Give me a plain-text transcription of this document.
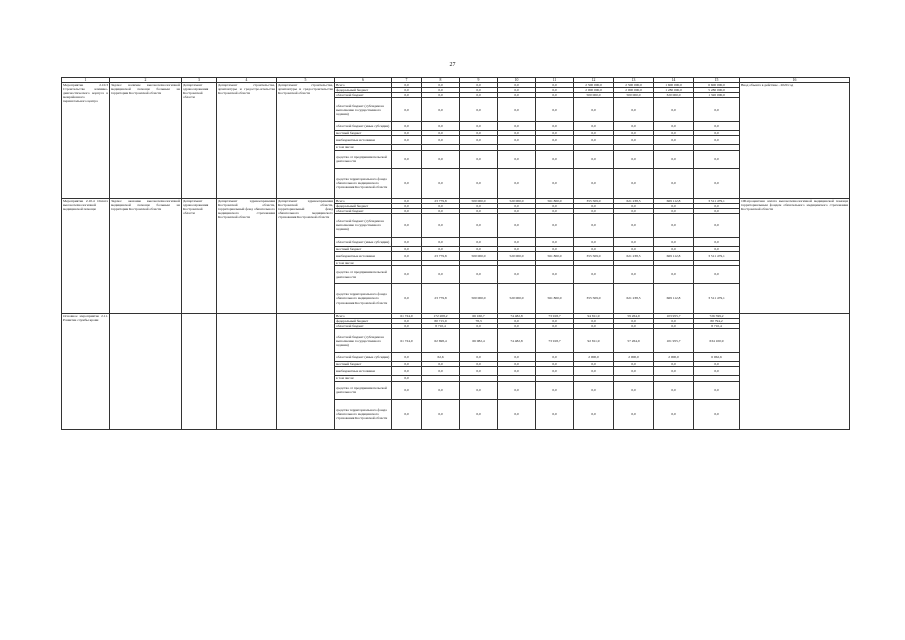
27
1	2	3	4	5	6	7	8	9	10	11	12	13	14	15	16
Мероприятие 2.10.3 Строительство клинико-диагностического корпуса в межрайонного перинатального центра	Задача: наличие высокотехнологичной медицинской помощи больным на территории Костромской области	Департамент здравоохранения Костромской области	Департамент строительства, архитектуры и градостро-ительства Костромской области	Департамент строительства, архитектуры и градостроительства Костромской области	Всего	0,0	0,0	0,0	0,0	0,0	2 500 000,0	2 500 000,0	1 600 000,0	6 600 000,0	Ввод объекта в действие - 2020 год
					федеральный бюджет	0,0	0,0	0,0	0,0	0,0	2 000 000,0	2 000 000,0	1 280 000,0	5 280 000,0	
					областной бюджет	0,0	0,0	0,0	0,0	0,0	500 000,0	500 000,0	320 000,0	1 320 000,0	
					областной бюджет (субсидии на выполнение государственного задания)	0,0	0,0	0,0	0,0	0,0	0,0	0,0	0,0	0,0	
					областной бюджет (иные субсидии)	0,0	0,0	0,0	0,0	0,0	0,0	0,0	0,0	0,0	
					местный бюджет	0,0	0,0	0,0	0,0	0,0	0,0	0,0	0,0	0,0	
					внебюджетные источники	0,0	0,0	0,0	0,0	0,0	0,0	0,0	0,0	0,0	
					в том числе:										
					средства от предпринимательской деятельности	0,0	0,0	0,0	0,0	0,0	0,0	0,0	0,0	0,0	
					средства территориального фонда обязательного медицинского страхования Костромской области	0,0	0,0	0,0	0,0	0,0	0,0	0,0	0,0	0,0	
Мероприятие 2.10.4 Оплата высокотехнологичной медицинской помощи	Задача: оказание высокотехнологичной медицинской помощи больным на территории Костромской области	Департамент здравоохранения Костромской области	Департамент здравоохранения Костромской области, территориальный фонд обязательного медицинского страхования Костромской области	Департамент здравоохранения Костромской области, территориальный фонд обязательного медицинского страхования Костромской области	Всего	0,0	23 779,8	500 000,0	520 000,0	561 800,0	355 509,0	621 238,5	669 112,8	3 511 479,1	100-процентная оплата высокотехнологичной медицинской помощи территориальным фондом обязательного медицинского страхования Костромской области
					федеральный бюджет	0,0	0,0	0,0	0,0	0,0	0,0	0,0	0,0	0,0	
					областной бюджет	0,0	0,0	0,0	0,0	0,0	0,0	0,0	0,0	0,0	
					областной бюджет (субсидии на выполнение государственного задания)	0,0	0,0	0,0	0,0	0,0	0,0	0,0	0,0	0,0	
					областной бюджет (иные субсидии)	0,0	0,0	0,0	0,0	0,0	0,0	0,0	0,0	0,0	
					местный бюджет	0,0	0,0	0,0	0,0	0,0	0,0	0,0	0,0	0,0	
					внебюджетные источники	0,0	23 779,8	500 000,0	520 000,0	561 800,0	355 509,0	621 238,5	669 112,8	3 511 479,1	
					в том числе:										
					средства от предпринимательской деятельности	0,0	0,0	0,0	0,0	0,0	0,0	0,0	0,0	0,0	
					средства территориального фонда обязательного медицинского страхования Костромской области	0,0	23 779,8	500 000,0	520 000,0	561 800,0	355 509,0	621 238,5	669 112,8	3 511 479,1	
Основное мероприятие 2.11. Развитие службы крови					Всего	61 724,0	172 208,2	66 160,7	74 482,8	73 918,7	94 811,9	59 264,9	103 955,7	726 599,2	
					федеральный бюджет	0,0	80 715,9	78,3	0,0	0,0	0,0	0,0	0,0	80 794,2	
					областной бюджет	0,0	8 710,4	0,0	0,0	0,0	0,0	0,0	0,0	8 710,4	
					областной бюджет (субсидии на выполнение государственного задания)	61 724,0	62 698,4	66 082,4	74 482,8	73 918,7	92 811,9	57 264,9	101 955,7	634 100,9	
					областной бюджет (иные субсидии)	0,0	62,6	0,0	0,0	0,0	2 000,0	2 000,0	2 000,0	6 062,6	
					местный бюджет	0,0	0,0	0,0	0,0	0,0	0,0	0,0	0,0	0,0	
					внебюджетные источники	0,0	0,0	0,0	0,0	0,0	0,0	0,0	0,0	0,0	
					в том числе:	0,0									
					средства от предпринимательской деятельности	0,0	0,0	0,0	0,0	0,0	0,0	0,0	0,0	0,0	
					средства территориального фонда обязательного медицинского страхования Костромской области	0,0	0,0	0,0	0,0	0,0	0,0	0,0	0,0	0,0	
